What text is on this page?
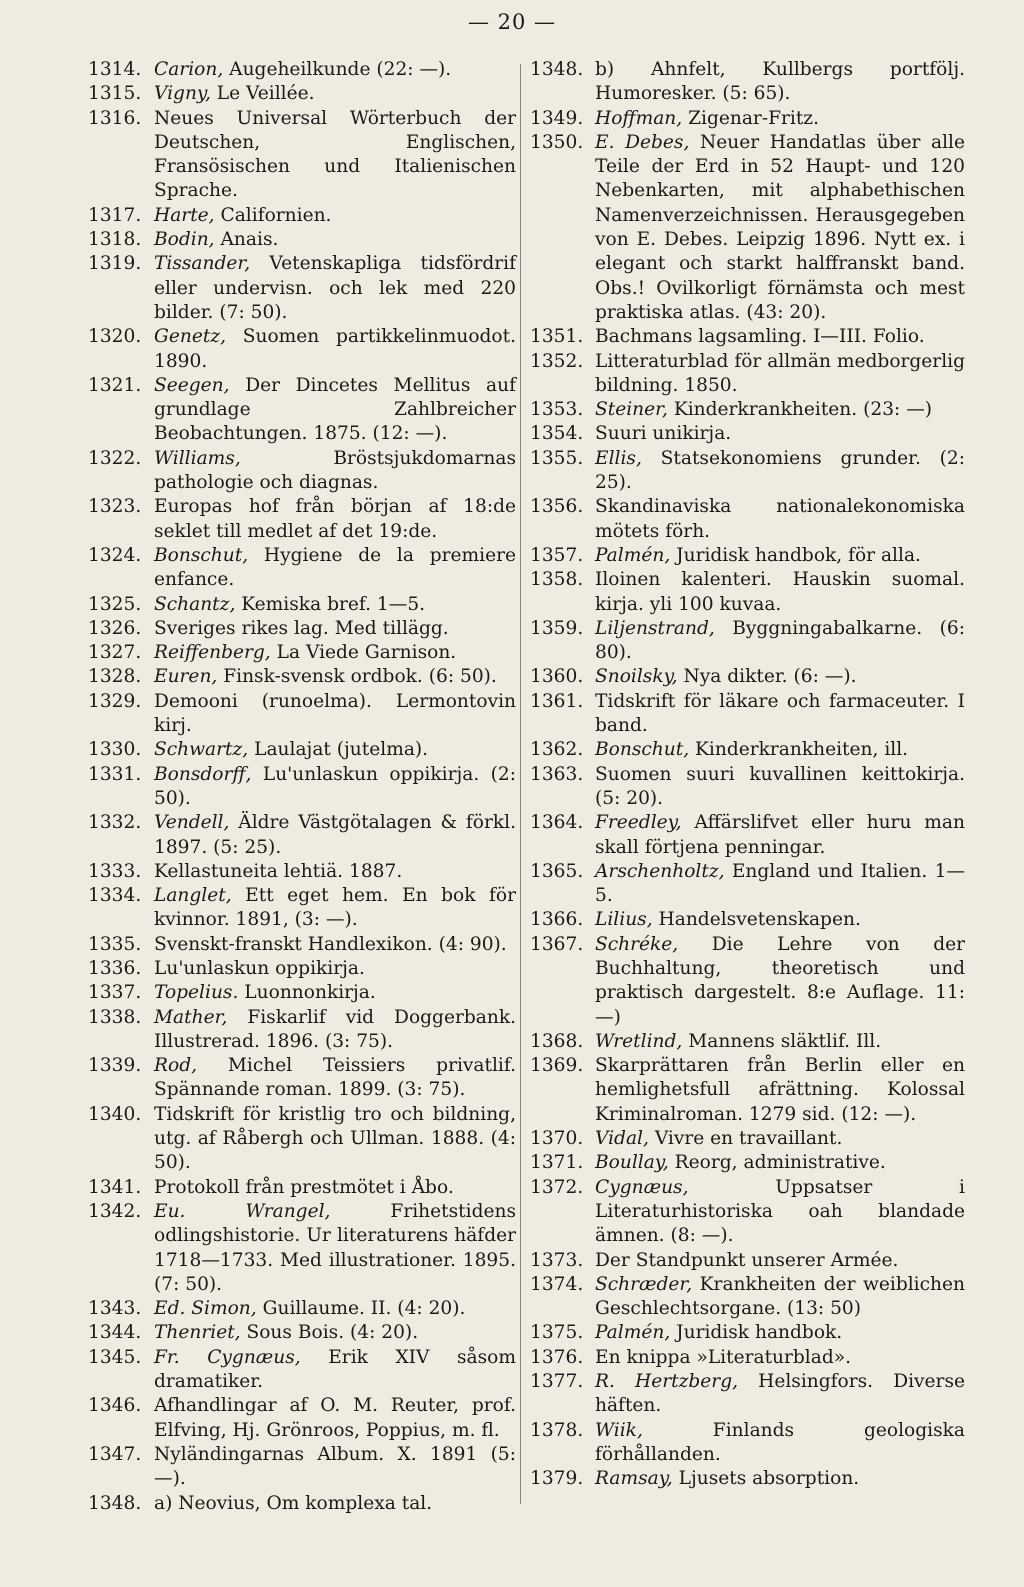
— 20 —
1314. Carion, Augeheilkunde (22: —).
1315. Vigny, Le Veillée.
1316. Neues Universal Wörterbuch der Deutschen, Englischen, Fransösischen und Italienischen Sprache.
1317. Harte, Californien.
1318. Bodin, Anais.
1319. Tissander, Vetenskapliga tidsfördrif eller undervisn. och lek med 220 bilder. (7: 50).
1320. Genetz, Suomen partikkelinmuodot. 1890.
1321. Seegen, Der Dincetes Mellitus auf grundlage Zahlbreicher Beobachtungen. 1875. (12: —).
1322. Williams, Bröstsjukdomarnas pathologie och diagnas.
1323. Europas hof från början af 18:de seklet till medlet af det 19:de.
1324. Bonschut, Hygiene de la premiere enfance.
1325. Schantz, Kemiska bref. 1—5.
1326. Sveriges rikes lag. Med tillägg.
1327. Reiffenberg, La Viede Garnison.
1328. Euren, Finsk-svensk ordbok. (6: 50).
1329. Demooni (runoelma). Lermontovin kirj.
1330. Schwartz, Laulajat (jutelma).
1331. Bonsdorff, Lu'unlaskun oppikirja. (2: 50).
1332. Vendell, Äldre Västgötalagen & förkl. 1897. (5: 25).
1333. Kellastuneita lehtiä. 1887.
1334. Langlet, Ett eget hem. En bok för kvinnor. 1891, (3: —).
1335. Svenskt-franskt Handlexikon. (4: 90).
1336. Lu'unlaskun oppikirja.
1337. Topelius. Luonnonkirja.
1338. Mather, Fiskarlif vid Doggerbank. Illustrerad. 1896. (3: 75).
1339. Rod, Michel Teissiers privatlif. Spännande roman. 1899. (3: 75).
1340. Tidskrift för kristlig tro och bildning, utg. af Råbergh och Ullman. 1888. (4: 50).
1341. Protokoll från prestmötet i Åbo.
1342. Eu. Wrangel, Frihetstidens odlingshistorie. Ur literaturens häfder 1718—1733. Med illustrationer. 1895. (7: 50).
1343. Ed. Simon, Guillaume. II. (4: 20).
1344. Thenriet, Sous Bois. (4: 20).
1345. Fr. Cygnæus, Erik XIV såsom dramatiker.
1346. Afhandlingar af O. M. Reuter, prof. Elfving, Hj. Grönroos, Poppius, m. fl.
1347. Nyländingarnas Album. X. 1891 (5: —).
1348. a) Neovius, Om komplexa tal.
1348. b) Ahnfelt, Kullbergs portfölj. Humoresker. (5: 65).
1349. Hoffman, Zigenar-Fritz.
1350. E. Debes, Neuer Handatlas über alle Teile der Erd in 52 Haupt- und 120 Nebenkarten, mit alphabethischen Namenverzeichnissen. Herausgegeben von E. Debes. Leipzig 1896. Nytt ex. i elegant och starkt halffranskt band. Obs.! Ovilkorligt förnämsta och mest praktiska atlas. (43: 20).
1351. Bachmans lagsamling. I—III. Folio.
1352. Litteraturblad för allmän medborgerlig bildning. 1850.
1353. Steiner, Kinderkrankheiten. (23: —)
1354. Suuri unikirja.
1355. Ellis, Statsekonomiens grunder. (2: 25).
1356. Skandinaviska nationalekonomiska mötets förh.
1357. Palmén, Juridisk handbok, för alla.
1358. Iloinen kalenteri. Hauskin suomal. kirja. yli 100 kuvaa.
1359. Liljenstrand, Byggningabalkarne. (6: 80).
1360. Snoilsky, Nya dikter. (6: —).
1361. Tidskrift för läkare och farmaceuter. I band.
1362. Bonschut, Kinderkrankheiten, ill.
1363. Suomen suuri kuvallinen keittokirja. (5: 20).
1364. Freedley, Affärslifvet eller huru man skall förtjena penningar.
1365. Arschenholtz, England und Italien. 1—5.
1366. Lilius, Handelsvetenskapen.
1367. Schréke, Die Lehre von der Buchhaltung, theoretisch und praktisch dargestelt. 8:e Auflage. 11: —)
1368. Wretlind, Mannens släktlif. Ill.
1369. Skarprättaren från Berlin eller en hemlighetsfull afrättning. Kolossal Kriminalroman. 1279 sid. (12: —).
1370. Vidal, Vivre en travaillant.
1371. Boullay, Reorg, administrative.
1372. Cygnæus, Uppsatser i Literaturhistoriska oah blandade ämnen. (8: —).
1373. Der Standpunkt unserer Armée.
1374. Schræder, Krankheiten der weiblichen Geschlechtsorgane. (13: 50)
1375. Palmén, Juridisk handbok.
1376. En knippa »Literaturblad».
1377. R. Hertzberg, Helsingfors. Diverse häften.
1378. Wiik, Finlands geologiska förhållanden.
1379. Ramsay, Ljusets absorption.
